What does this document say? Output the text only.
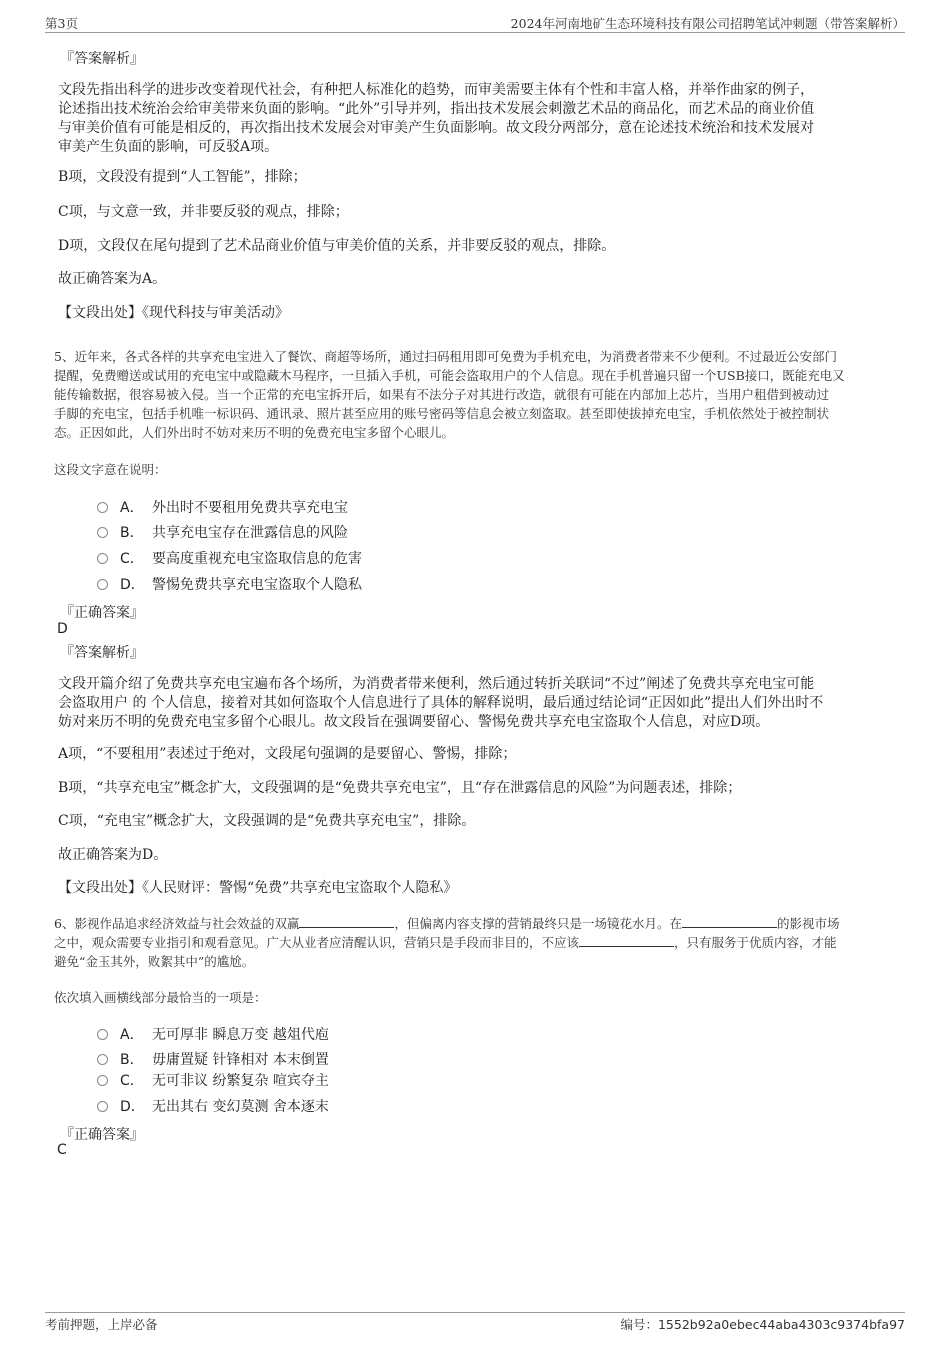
第3页	2024年河南地矿生态环境科技有限公司招聘笔试冲刺题（带答案解析）
『答案解析』
文段先指出科学的进步改变着现代社会，有种把人标准化的趋势，而审美需要主体有个性和丰富人格，并举作曲家的例子，
论述指出技术统治会给审美带来负面的影响。“此外”引导并列，指出技术发展会刺激艺术品的商品化，而艺术品的商业价值
与审美价值有可能是相反的，再次指出技术发展会对审美产生负面影响。故文段分两部分，意在论述技术统治和技术发展对
审美产生负面的影响，可反驳A项。
B项，文段没有提到“人工智能”，排除；
C项，与文意一致，并非要反驳的观点，排除；
D项，文段仅在尾句提到了艺术品商业价值与审美价值的关系，并非要反驳的观点，排除。
故正确答案为A。
【文段出处】《现代科技与审美活动》
5、近年来，各式各样的共享充电宝进入了餐饮、商超等场所，通过扫码租用即可免费为手机充电，为消费者带来不少便利。不过最近公安部门
提醒，免费赠送或试用的充电宝中或隐藏木马程序，一旦插入手机，可能会盗取用户的个人信息。现在手机普遍只留一个USB接口，既能充电又
能传输数据，很容易被入侵。当一个正常的充电宝拆开后，如果有不法分子对其进行改造，就很有可能在内部加上芯片，当用户租借到被动过
手脚的充电宝，包括手机唯一标识码、通讯录、照片甚至应用的账号密码等信息会被立刻盗取。甚至即使拔掉充电宝，手机依然处于被控制状
态。正因如此，人们外出时不妨对来历不明的免费充电宝多留个心眼儿。
这段文字意在说明：
A． 外出时不要租用免费共享充电宝
B． 共享充电宝存在泄露信息的风险
C． 要高度重视充电宝盗取信息的危害
D． 警惕免费共享充电宝盗取个人隐私
『正确答案』
D
『答案解析』
文段开篇介绍了免费共享充电宝遍布各个场所，为消费者带来便利，然后通过转折关联词“不过”阐述了免费共享充电宝可能
会盗取用户 的 个人信息，接着对其如何盗取个人信息进行了具体的解释说明，最后通过结论词“正因如此”提出人们外出时不
妨对来历不明的免费充电宝多留个心眼儿。故文段旨在强调要留心、警惕免费共享充电宝盗取个人信息，对应D项。
A项，“不要租用”表述过于绝对，文段尾句强调的是要留心、警惕，排除；
B项，“共享充电宝”概念扩大，文段强调的是“免费共享充电宝”，且“存在泄露信息的风险”为问题表述，排除；
C项，“充电宝”概念扩大，文段强调的是“免费共享充电宝”，排除。
故正确答案为D。
【文段出处】《人民财评：警惕“免费”共享充电宝盗取个人隐私》
6、影视作品追求经济效益与社会效益的双赢	，但偏离内容支撑的营销最终只是一场镜花水月。在	的影视市场
之中，观众需要专业指引和观看意见。广大从业者应清醒认识，营销只是手段而非目的，不应该	，只有服务于优质内容，才能
避免“金玉其外，败絮其中”的尴尬。
依次填入画横线部分最恰当的一项是：
A． 无可厚非 瞬息万变 越俎代庖
B． 毋庸置疑 针锋相对 本末倒置
C． 无可非议 纷繁复杂 喧宾夺主
D． 无出其右 变幻莫测 舍本逐末
『正确答案』
C
考前押题，上岸必备	编号：1552b92a0ebec44aba4303c9374bfa97
